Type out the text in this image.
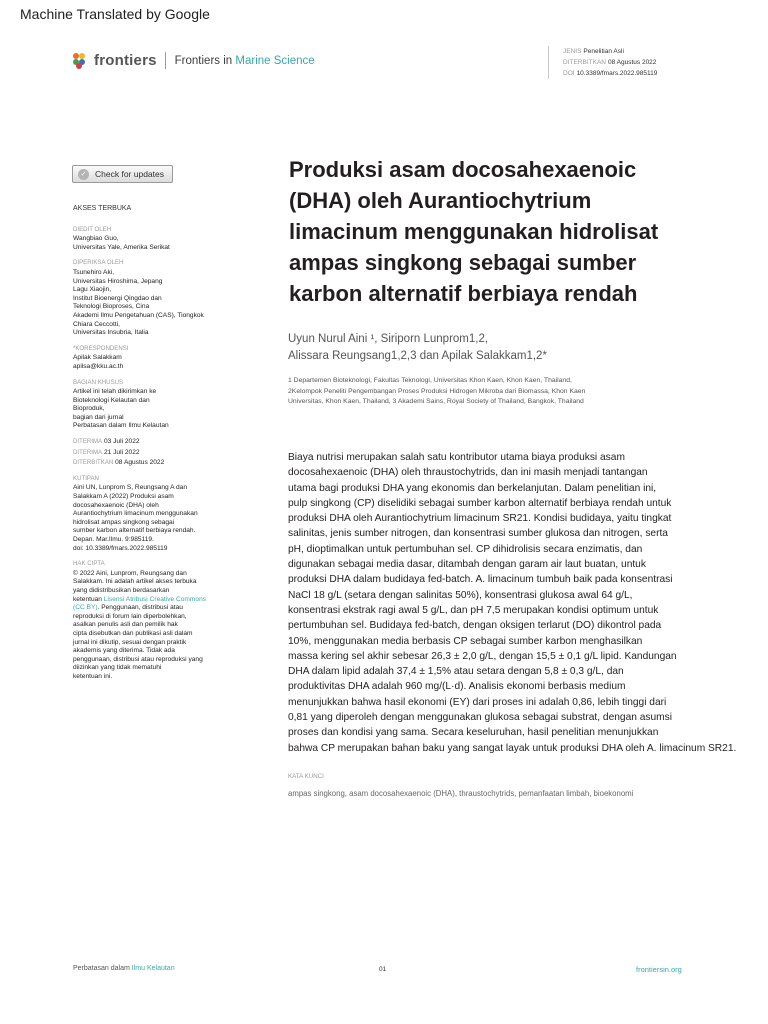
Machine Translated by Google
frontiers Frontiers in Marine Science
JENIS Penelitian Asli
DITERBITKAN 08 Agustus 2022
DOI 10.3389/fmars.2022.985119
✓	Check for updates
AKSES TERBUKA
DIEDIT OLEH
Wangbiao Guo,
Universitas Yale, Amerika Serikat
DIPERIKSA OLEH
Tsunehiro Aki,
Universitas Hiroshima, Jepang
Lagu Xiaojin,
Institut Bioenergi Qingdao dan
Teknologi Bioproses, Cina
Akademi Ilmu Pengetahuan (CAS), Tiongkok
Chiara Ceccotti,
Universitas Insubria, Italia
*KORESPONDENSI
Apilak Salakkam
apilsa@kku.ac.th
BAGIAN KHUSUS
Artikel ini telah dikirimkan ke
Bioteknologi Kelautan dan
Bioproduk,
bagian dari jurnal
Perbatasan dalam Ilmu Kelautan
DITERIMA 03 Juli 2022
DITERIMA 21 Juli 2022
DITERBITKAN 08 Agustus 2022
KUTIPAN
Aini UN, Lunprom S, Reungsang A dan
Salakkam A (2022) Produksi asam
docosahexaenoic (DHA) oleh
Aurantiochytrium limacinum menggunakan
hidrolisat ampas singkong sebagai
sumber karbon alternatif berbiaya rendah.
Depan. Mar.Ilmu. 9:985119.
doi: 10.3389/fmars.2022.985119
HAK CIPTA
© 2022 Aini, Lunprom, Reungsang dan
Salakkam. Ini adalah artikel akses terbuka
yang didistribusikan berdasarkan
ketentuan Lisensi Atribusi Creative Commons
(CC BY). Penggunaan, distribusi atau
reproduksi di forum lain diperbolehkan,
asalkan penulis asli dan pemilik hak
cipta disebutkan dan publikasi asli dalam
jurnal ini dikutip, sesuai dengan praktik
akademis yang diterima. Tidak ada
penggunaan, distribusi atau reproduksi yang
diizinkan yang tidak mematuhi
ketentuan ini.
Produksi asam docosahexaenoic
(DHA) oleh Aurantiochytrium
limacinum menggunakan hidrolisat
ampas singkong sebagai sumber
karbon alternatif berbiaya rendah
Uyun Nurul Aini ¹, Siriporn Lunprom1,2,
Alissara Reungsang1,2,3 dan Apilak Salakkam1,2*
1 Departemen Bioteknologi, Fakultas Teknologi, Universitas Khon Kaen, Khon Kaen, Thailand,
2Kelompok Peneliti Pengembangan Proses Produksi Hidrogen Mikroba dari Biomassa, Khon Kaen
Universitas, Khon Kaen, Thailand, 3 Akademi Sains, Royal Society of Thailand, Bangkok, Thailand

Biaya nutrisi merupakan salah satu kontributor utama biaya produksi asam
docosahexaenoic (DHA) oleh thraustochytrids, dan ini masih menjadi tantangan
utama bagi produksi DHA yang ekonomis dan berkelanjutan. Dalam penelitian ini,
pulp singkong (CP) diselidiki sebagai sumber karbon alternatif berbiaya rendah untuk
produksi DHA oleh Aurantiochytrium limacinum SR21. Kondisi budidaya, yaitu tingkat
salinitas, jenis sumber nitrogen, dan konsentrasi sumber glukosa dan nitrogen, serta
pH, dioptimalkan untuk pertumbuhan sel. CP dihidrolisis secara enzimatis, dan
digunakan sebagai media dasar, ditambah dengan garam air laut buatan, untuk
produksi DHA dalam budidaya fed-batch. A. limacinum tumbuh baik pada konsentrasi
NaCl 18 g/L (setara dengan salinitas 50%), konsentrasi glukosa awal 64 g/L,
konsentrasi ekstrak ragi awal 5 g/L, dan pH 7,5 merupakan kondisi optimum untuk
pertumbuhan sel. Budidaya fed-batch, dengan oksigen terlarut (DO) dikontrol pada
10%, menggunakan media berbasis CP sebagai sumber karbon menghasilkan
massa kering sel akhir sebesar 26,3 ± 2,0 g/L, dengan 15,5 ± 0,1 g/L lipid. Kandungan
DHA dalam lipid adalah 37,4 ± 1,5% atau setara dengan 5,8 ± 0,3 g/L, dan
produktivitas DHA adalah 960 mg/(L·d). Analisis ekonomi berbasis medium
menunjukkan bahwa hasil ekonomi (EY) dari proses ini adalah 0,86, lebih tinggi dari
0,81 yang diperoleh dengan menggunakan glukosa sebagai substrat, dengan asumsi
proses dan kondisi yang sama. Secara keseluruhan, hasil penelitian menunjukkan
bahwa CP merupakan bahan baku yang sangat layak untuk produksi DHA oleh A. limacinum SR21.

KATA KUNCI
ampas singkong, asam docosahexaenoic (DHA), thraustochytrids, pemanfaatan limbah, bioekonomi
Perbatasan dalam Ilmu Kelautan	01	frontiersin.org
